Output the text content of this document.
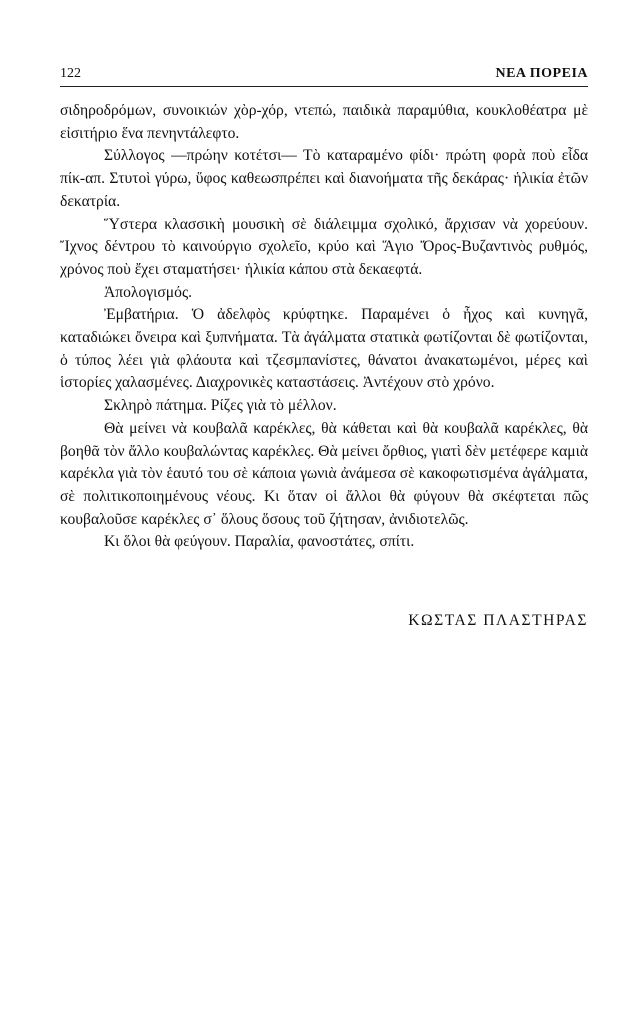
122	ΝΕΑ ΠΟΡΕΙΑ

σιδηροδρόμων, συνοικιών χὸρ-χόρ, ντεπώ, παιδικὰ παραμύθια, κουκλοθέατρα μὲ εἰσιτήριο ἕνα πενηντάλεφτο.

Σύλλογος —πρώην κοτέτσι— Τὸ καταραμένο φίδι· πρώτη φορὰ ποὺ εἶδα πίκ-απ. Στυτοὶ γύρω, ὕφος καθεωσπρέπει καὶ διανοήματα τῆς δεκάρας· ἡλικία ἐτῶν δεκατρία.

Ὕστερα κλασσικὴ μουσικὴ σὲ διάλειμμα σχολικό, ἄρχισαν νὰ χορεύουν. Ἴχνος δέντρου τὸ καινούργιο σχολεῖο, κρύο καὶ Ἅγιο Ὄρος-Βυζαντινὸς ρυθμός, χρόνος ποὺ ἔχει σταματήσει· ἡλικία κάπου στὰ δεκαεφτά.

Ἀπολογισμός.

Ἐμβατήρια. Ὁ ἀδελφὸς κρύφτηκε. Παραμένει ὁ ἦχος καὶ κυνηγᾶ, καταδιώκει ὄνειρα καὶ ξυπνήματα. Τὰ ἀγάλματα στατικὰ φωτίζονται δὲ φωτίζονται, ὁ τύπος λέει γιὰ φλάουτα καὶ τζεσμπανίστες, θάνατοι ἀνακατωμένοι, μέρες καὶ ἱστορίες χαλασμένες. Διαχρονικὲς καταστάσεις. Ἀντέχουν στὸ χρόνο.

Σκληρὸ πάτημα. Ρίζες γιὰ τὸ μέλλον.

Θὰ μείνει νὰ κουβαλᾶ καρέκλες, θὰ κάθεται καὶ θὰ κουβαλᾶ καρέκλες, θὰ βοηθᾶ τὸν ἄλλο κουβαλώντας καρέκλες. Θὰ μείνει ὄρθιος, γιατὶ δὲν μετέφερε καμιὰ καρέκλα γιὰ τὸν ἑαυτό του σὲ κάποια γωνιὰ ἀνάμεσα σὲ κακοφωτισμένα ἀγάλματα, σὲ πολιτικοποιημένους νέους. Κι ὅταν οἱ ἄλλοι θὰ φύγουν θὰ σκέφτεται πῶς κουβαλοῦσε καρέκλες σ᾽ ὅλους ὅσους τοῦ ζήτησαν, ἀνιδιοτελῶς.

Κι ὅλοι θὰ φεύγουν. Παραλία, φανοστάτες, σπίτι.

ΚΩΣΤΑΣ ΠΛΑΣΤΗΡΑΣ
